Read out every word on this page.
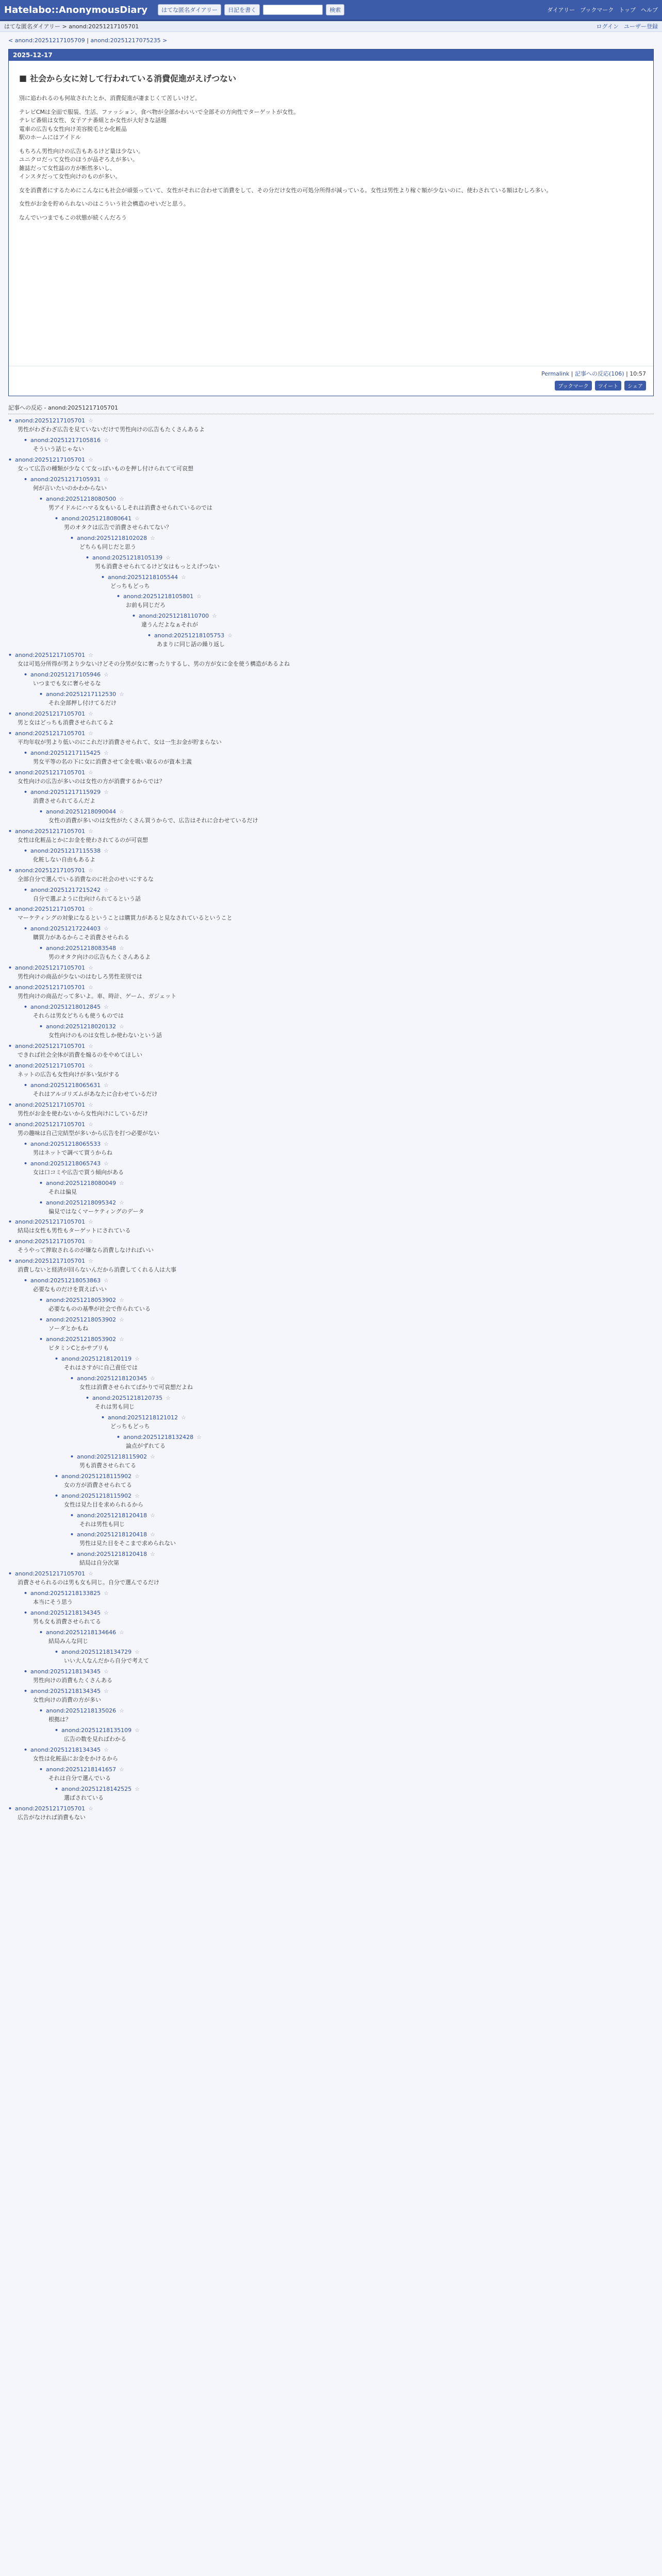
Hatelabo::AnonymousDiary	はてな匿名ダイアリー	日記を書く	検索	ダイアリー ブックマーク トップ ヘルプ
はてな匿名ダイアリー > anond:20251217105701	ログイン ユーザー登録
< anond:20251217105709 | anond:20251217075235 >
2025-12-17
■ 社会から女に対して行われている消費促進がえげつない

別に追われるのも何故されたとか、消費促進が凄まじくて苦しいけど。

テレビCMは全面で服装、生活、ファッション、食べ物が全部かわいいで全部その方向性でターゲットが女性。
テレビ番組は女性、女子アナ番組とか女性が大好きな話題
電車の広告も女性向け美容脱毛とか化粧品
駅のホームにはアイドル

もちろん男性向けの広告もあるけど量は少ない。
ユニクロだって女性のほうが品ぞろえが多い。
雑誌だって女性誌の方が断然多いし、
インスタだって女性向けのものが多い。

女を消費者にするためにこんなにも社会が頑張っていて、女性がそれに合わせて消費をして、その分だけ女性の可処分所得が減っている。女性は男性より稼ぐ額が少ないのに、使わされている額はむしろ多い。

女性がお金を貯められないのはこういう社会構造のせいだと思う。

なんでいつまでもこの状態が続くんだろう

Permalink | 記事への反応(106) | 10:57
ブックマーク	ツイート	シェア
記事への反応 - anond:20251217105701
• anond:20251217105701 ☆
男性がわざわざ広告を見ていないだけで男性向けの広告もたくさんあるよ
• anond:20251217105816 ☆
そういう話じゃない
• anond:20251217105701 ☆
女って広告の種類が少なくて女っぽいものを押し付けられてて可哀想
• anond:20251217105931 ☆
何が言いたいのかわからない
• anond:20251218080500 ☆
男アイドルにハマる女もいるしそれは消費させられているのでは
• anond:20251218080641 ☆
男のオタクは広告で消費させられてない？
• anond:20251218102028 ☆
どちらも同じだと思う
• anond:20251218105139 ☆
男も消費させられてるけど女はもっとえげつない
• anond:20251218105544 ☆
どっちもどっち
• anond:20251218105801 ☆
お前も同じだろ
• anond:20251218110700 ☆
違うんだよなぁそれが
• anond:20251218105753 ☆
あまりに同じ話の繰り返し
• anond:20251217105701 ☆
女は可処分所得が男より少ないけどその分男が女に奢ったりするし、男の方が女に金を使う構造があるよね
• anond:20251217105946 ☆
いつまでも女に奢らせるな
• anond:20251217112530 ☆
それ全部押し付けてるだけ
• anond:20251217105701 ☆
男と女はどっちも消費させられてるよ
• anond:20251217105701 ☆
平均年収が男より低いのにこれだけ消費させられて、女は一生お金が貯まらない
• anond:20251217115425 ☆
男女平等の名の下に女に消費させて金を吸い取るのが資本主義
• anond:20251217105701 ☆
女性向けの広告が多いのは女性の方が消費するからでは？
• anond:20251217115929 ☆
消費させられてるんだよ
• anond:20251218090044 ☆
女性の消費が多いのは女性がたくさん買うからで、広告はそれに合わせているだけ
• anond:20251217105701 ☆
女性は化粧品とかにお金を使わされてるのが可哀想
• anond:20251217115538 ☆
化粧しない自由もあるよ
• anond:20251217105701 ☆
全部自分で選んでいる消費なのに社会のせいにするな
• anond:20251217215242 ☆
自分で選ぶように仕向けられてるという話
• anond:20251217105701 ☆
マーケティングの対象になるということは購買力があると見なされているということ
• anond:20251217224403 ☆
購買力があるからこそ消費させられる
• anond:20251218083548 ☆
男のオタク向けの広告もたくさんあるよ
• anond:20251217105701 ☆
男性向けの商品が少ないのはむしろ男性差別では
• anond:20251217105701 ☆
男性向けの商品だって多いよ。車、時計、ゲーム、ガジェット
• anond:20251218012845 ☆
それらは男女どちらも使うものでは
• anond:20251218020132 ☆
女性向けのものは女性しか使わないという話
• anond:20251217105701 ☆
できれば社会全体が消費を煽るのをやめてほしい
• anond:20251217105701 ☆
ネットの広告も女性向けが多い気がする
• anond:20251218065631 ☆
それはアルゴリズムがあなたに合わせているだけ
• anond:20251217105701 ☆
男性がお金を使わないから女性向けにしているだけ
• anond:20251217105701 ☆
男の趣味は自己完結型が多いから広告を打つ必要がない
• anond:20251218065533 ☆
男はネットで調べて買うからね
• anond:20251218065743 ☆
女は口コミや広告で買う傾向がある
• anond:20251218080049 ☆
それは偏見
• anond:20251218095342 ☆
偏見ではなくマーケティングのデータ
• anond:20251217105701 ☆
結局は女性も男性もターゲットにされている
• anond:20251217105701 ☆
そうやって搾取されるのが嫌なら消費しなければいい
• anond:20251217105701 ☆
消費しないと経済が回らないんだから消費してくれる人は大事
• anond:20251218053863 ☆
必要なものだけを買えばいい
• anond:20251218053902 ☆
必要なものの基準が社会で作られている
• anond:20251218053902 ☆
ソーダとかもね
• anond:20251218053902 ☆
ビタミンCとかサプリも
• anond:20251218120119 ☆
それはさすがに自己責任では
• anond:20251218120345 ☆
女性は消費させられてばかりで可哀想だよね
• anond:20251218120735 ☆
それは男も同じ
• anond:20251218121012 ☆
どっちもどっち
• anond:20251218132428 ☆
論点がずれてる
• anond:20251218115902 ☆
男も消費させられてる
• anond:20251218115902 ☆
女の方が消費させられてる
• anond:20251218115902 ☆
女性は見た目を求められるから
• anond:20251218120418 ☆
それは男性も同じ
• anond:20251218120418 ☆
男性は見た目をそこまで求められない
• anond:20251218120418 ☆
結局は自分次第
• anond:20251217105701 ☆
消費させられるのは男も女も同じ。自分で選んでるだけ
• anond:20251218133825 ☆
本当にそう思う
• anond:20251218134345 ☆
男も女も消費させられてる
• anond:20251218134646 ☆
結局みんな同じ
• anond:20251218134729 ☆
いい大人なんだから自分で考えて
• anond:20251218134345 ☆
男性向けの消費もたくさんある
• anond:20251218134345 ☆
女性向けの消費の方が多い
• anond:20251218135026 ☆
根拠は？
• anond:20251218135109 ☆
広告の数を見ればわかる
• anond:20251218134345 ☆
女性は化粧品にお金をかけるから
• anond:20251218141657 ☆
それは自分で選んでいる
• anond:20251218142525 ☆
選ばされている
• anond:20251217105701 ☆
広告がなければ消費もない
